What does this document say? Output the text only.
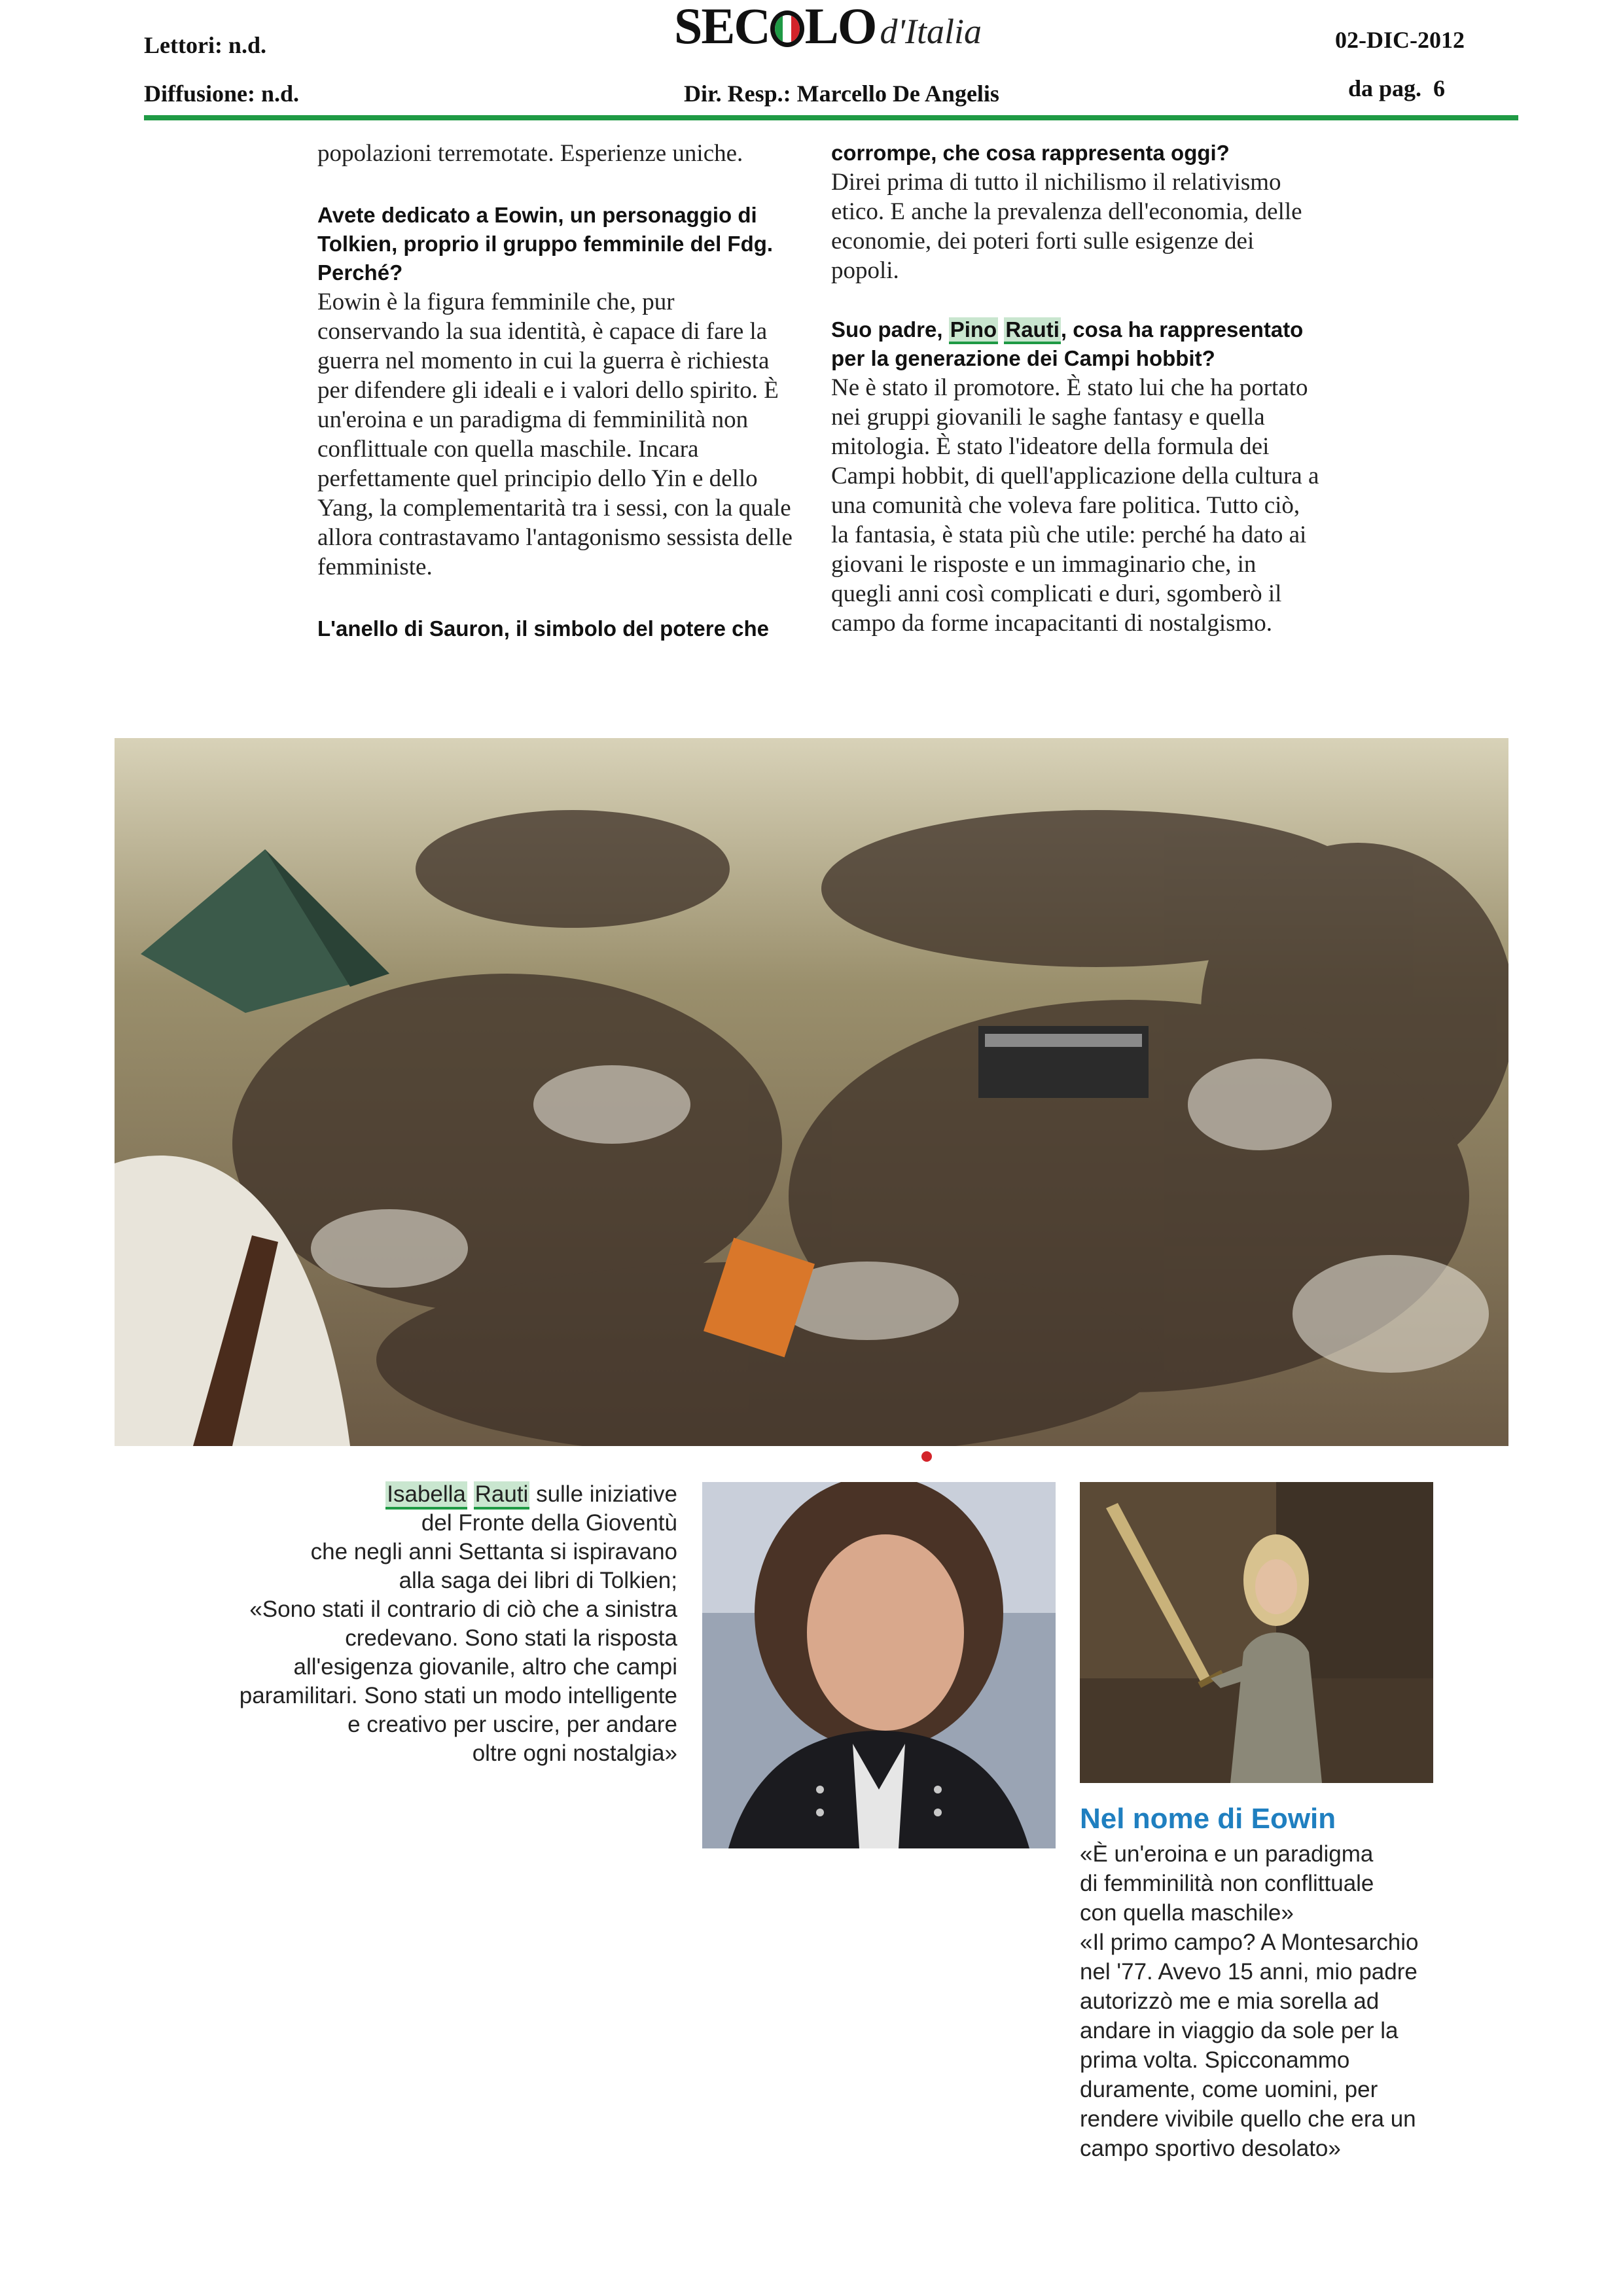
Lettori: n.d.
Diffusione: n.d.
SEC LO d'Italia
Dir. Resp.: Marcello De Angelis
02-DIC-2012
da pag.  6

popolazioni terremotate. Esperienze uniche.

Avete dedicato a Eowin, un personaggio di Tolkien, proprio il gruppo femminile del Fdg. Perché?

Eowin è la figura femminile che, pur conservando la sua identità, è capace di fare la guerra nel momento in cui la guerra è richiesta per difendere gli ideali e i valori dello spirito. È un'eroina e un paradigma di femminilità non conflittuale con quella maschile. Incara perfettamente quel principio dello Yin e dello Yang, la complementarità tra i sessi, con la quale allora contrastavamo l'antagonismo sessista delle femministe.

L'anello di Sauron, il simbolo del potere che

corrompe, che cosa rappresenta oggi?

Direi prima di tutto il nichilismo il relativismo etico. E anche la prevalenza dell'economia, delle economie, dei poteri forti sulle esigenze dei popoli.

Suo padre, Pino Rauti, cosa ha rappresentato per la generazione dei Campi hobbit?

Ne è stato il promotore. È stato lui che ha portato nei gruppi giovanili le saghe fantasy e quella mitologia. È stato l'ideatore della formula dei Campi hobbit, di quell'applicazione della cultura a una comunità che voleva fare politica. Tutto ciò, la fantasia, è stata più che utile: perché ha dato ai giovani le risposte e un immaginario che, in quegli anni così complicati e duri, sgomberò il campo da forme incapacitanti di nostalgismo.

Isabella Rauti sulle iniziative

del Fronte della Gioventù

che negli anni Settanta si ispiravano

alla saga dei libri di Tolkien;

«Sono stati il contrario di ciò che a sinistra

credevano. Sono stati la risposta

all'esigenza giovanile, altro che campi

paramilitari. Sono stati un modo intelligente

e creativo per uscire, per andare

oltre ogni nostalgia»

Nel nome di Eowin

«È un'eroina e un paradigma

di femminilità non conflittuale

con quella maschile»

«Il primo campo? A Montesarchio

nel '77. Avevo 15 anni, mio padre

autorizzò me e mia sorella ad

andare in viaggio da sole per la

prima volta. Spicconammo

duramente, come uomini, per

rendere vivibile quello che era un

campo sportivo desolato»
